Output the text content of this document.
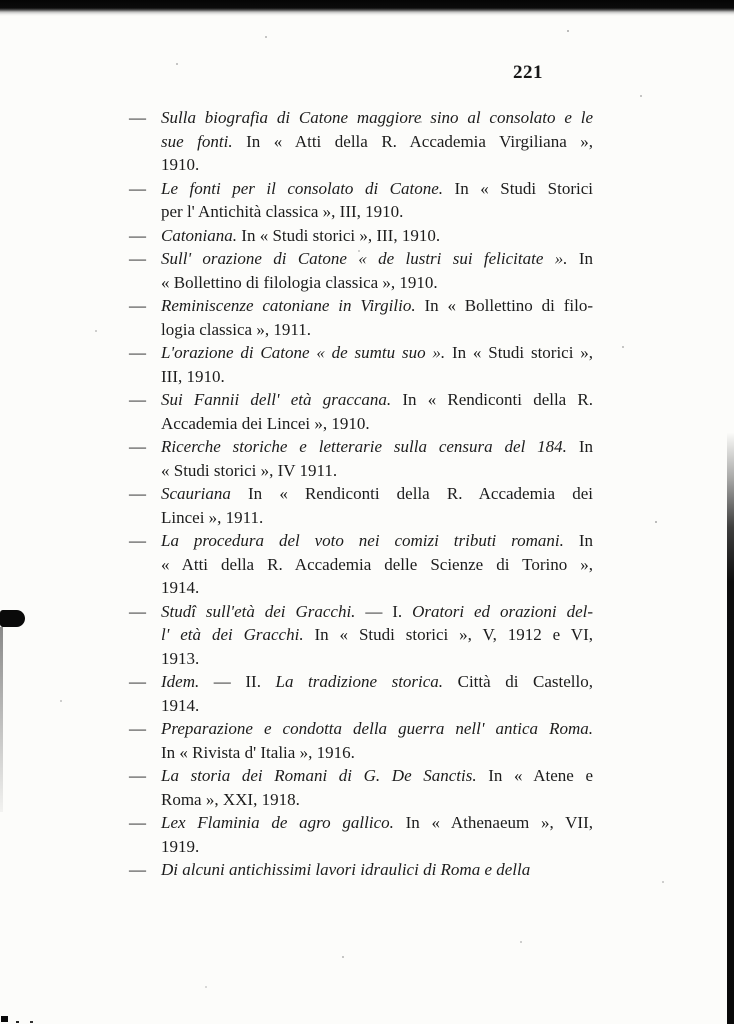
221
— Sulla biografia di Catone maggiore sino al consolato e le
sue fonti. In « Atti della R. Accademia Virgiliana »,
1910.
— Le fonti per il consolato di Catone. In « Studi Storici
per l' Antichità classica », III, 1910.
— Catoniana. In « Studi storici », III, 1910.
— Sull' orazione di Catone « de lustri sui felicitate ». In
« Bollettino di filologia classica », 1910.
— Reminiscenze catoniane in Virgilio. In « Bollettino di filo-
logia classica », 1911.
— L'orazione di Catone « de sumtu suo ». In « Studi storici »,
III, 1910.
— Sui Fannii dell' età graccana. In « Rendiconti della R.
Accademia dei Lincei », 1910.
— Ricerche storiche e letterarie sulla censura del 184. In
« Studi storici », IV 1911.
— Scauriana In « Rendiconti della R. Accademia dei
Lincei », 1911.
— La procedura del voto nei comizi tributi romani. In
« Atti della R. Accademia delle Scienze di Torino »,
1914.
— Studî sull'età dei Gracchi. — I. Oratori ed orazioni del-
l' età dei Gracchi. In « Studi storici », V, 1912 e VI,
1913.
— Idem. — II. La tradizione storica. Città di Castello,
1914.
— Preparazione e condotta della guerra nell' antica Roma.
In « Rivista d' Italia », 1916.
— La storia dei Romani di G. De Sanctis. In « Atene e
Roma », XXI, 1918.
— Lex Flaminia de agro gallico. In « Athenaeum », VII,
1919.
— Di alcuni antichissimi lavori idraulici di Roma e della
